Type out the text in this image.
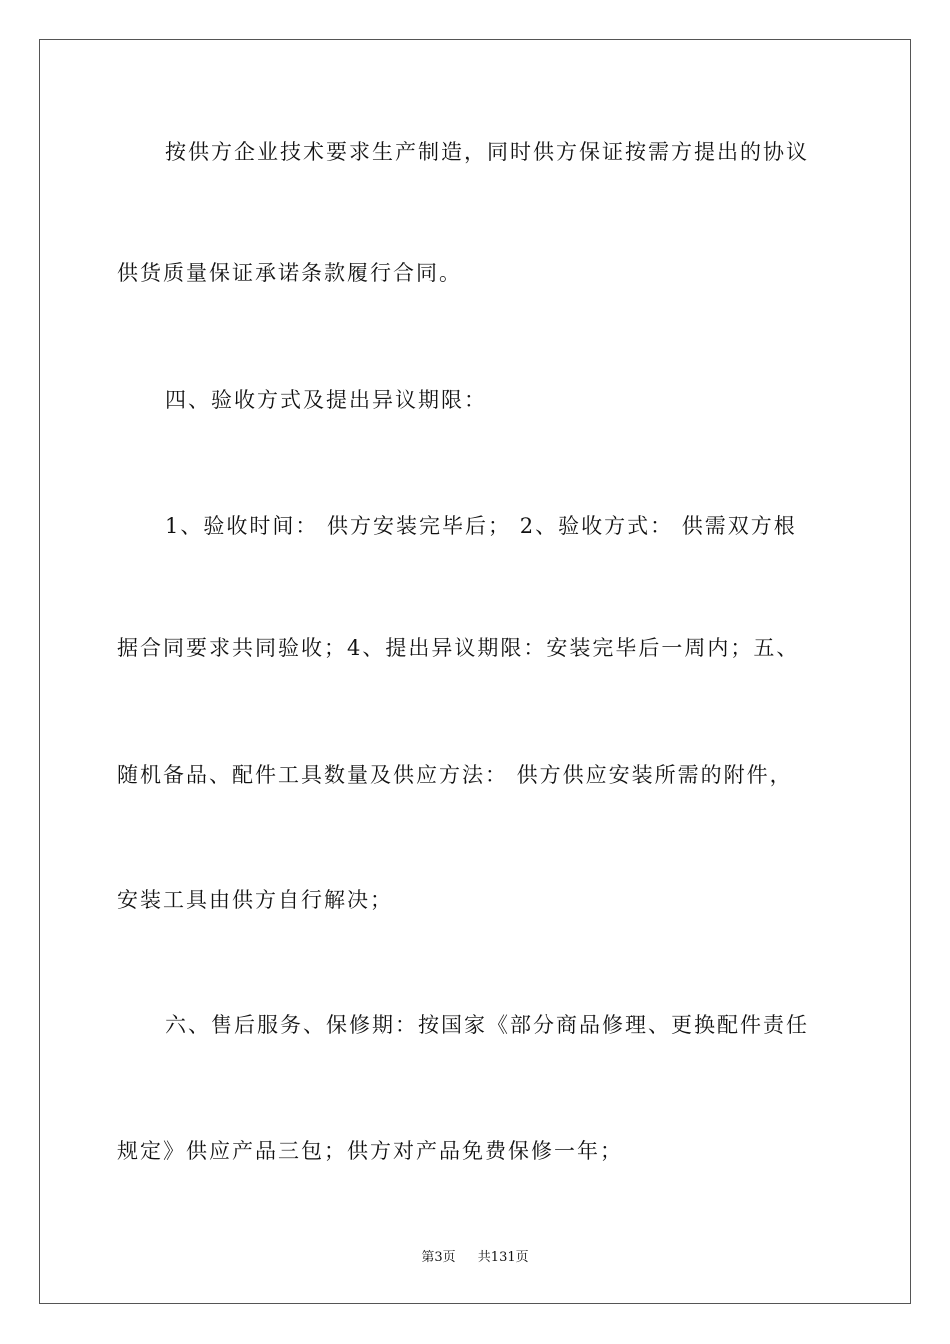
按供方企业技术要求生产制造，同时供方保证按需方提出的协议
供货质量保证承诺条款履行合同。
四、验收方式及提出异议期限：
1、验收时间： 供方安装完毕后； 2、验收方式： 供需双方根
据合同要求共同验收；4、提出异议期限：安装完毕后一周内；五、
随机备品、配件工具数量及供应方法： 供方供应安装所需的附件，
安装工具由供方自行解决；
六、售后服务、保修期：按国家《部分商品修理、更换配件责任
规定》供应产品三包；供方对产品免费保修一年；
第3页 共131页
